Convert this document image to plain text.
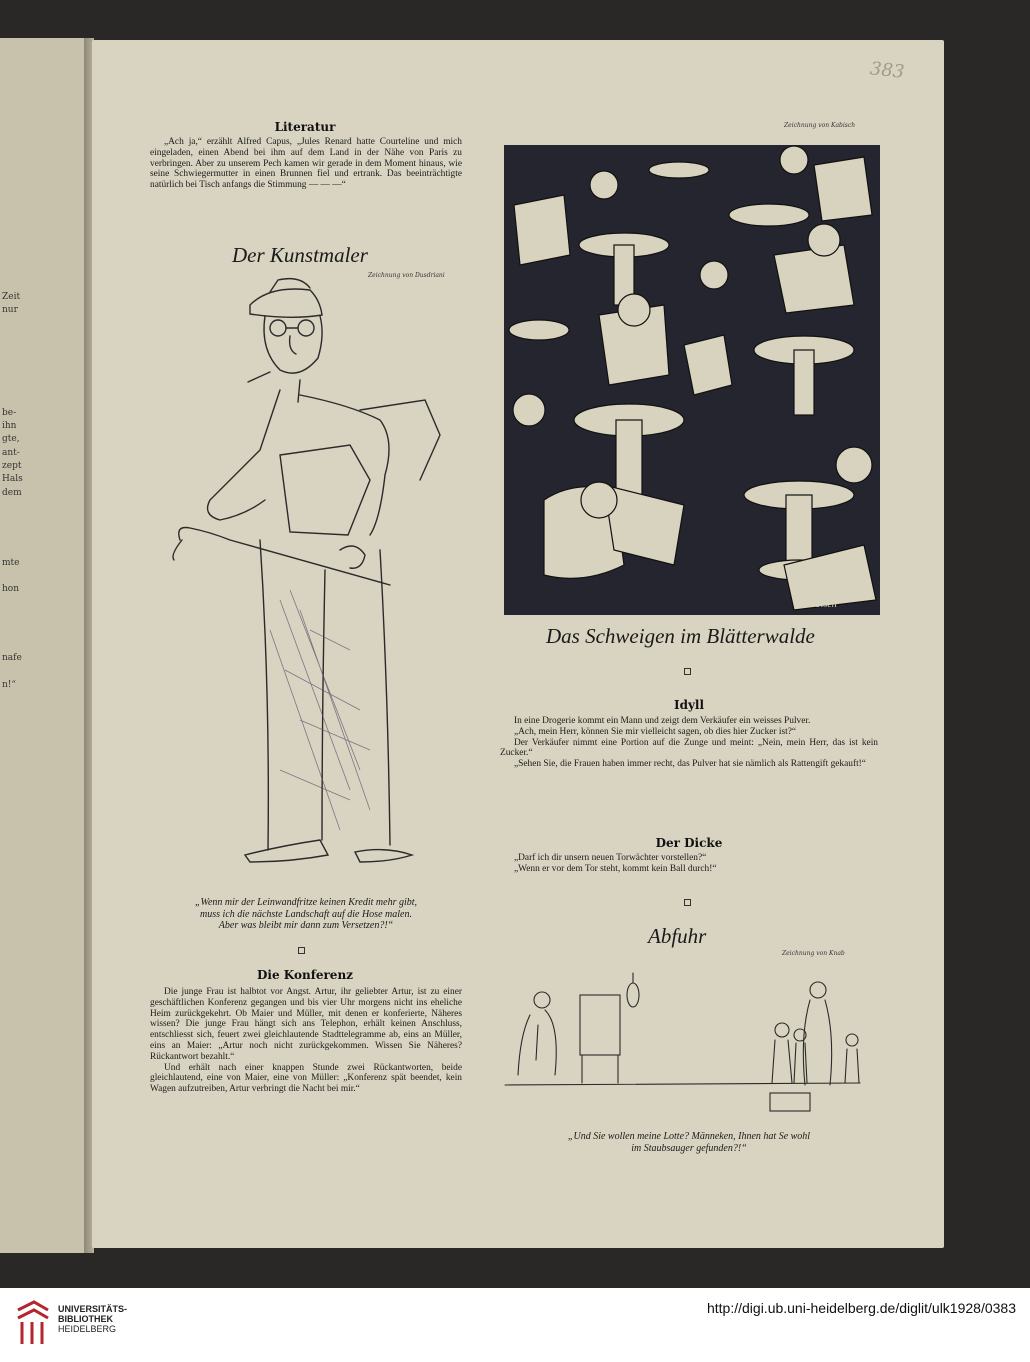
Zeit
nur
be-
ihn
gte,
ant-
zept
Hals
dem
mte
hon
nafe
n!“
383
Literatur

„Ach ja,“ erzählt Alfred Capus, „Jules Renard hatte Courteline und mich eingeladen, einen Abend bei ihm auf dem Land in der Nähe von Paris zu verbringen. Aber zu unserem Pech kamen wir gerade in dem Moment hinaus, wie seine Schwiegermutter in einen Brunnen fiel und ertrank. Das beeinträchtigte natürlich bei Tisch anfangs die Stimmung — — —“

Der Kunstmaler
Zeichnung von Dusdriani
„Wenn mir der Leinwandfritze keinen Kredit mehr gibt,
muss ich die nächste Landschaft auf die Hose malen.
Aber was bleibt mir dann zum Versetzen?!“
Die Konferenz

Die junge Frau ist halbtot vor Angst. Artur, ihr geliebter Artur, ist zu einer geschäftlichen Konferenz gegangen und bis vier Uhr morgens nicht ins eheliche Heim zurückgekehrt. Ob Maier und Müller, mit denen er konferierte, Näheres wissen? Die junge Frau hängt sich ans Telephon, erhält keinen Anschluss, entschliesst sich, feuert zwei gleichlautende Stadttelegramme ab, eins an Müller, eins an Maier: „Artur noch nicht zurückgekommen. Wissen Sie Näheres? Rückantwort bezahlt.“

Und erhält nach einer knappen Stunde zwei Rückantworten, beide gleichlautend, eine von Maier, eine von Müller: „Konferenz spät beendet, kein Wagen aufzutreiben, Artur verbringt die Nacht bei mir.“

Zeichnung von Kabisch
Käbisch
Das Schweigen im Blätterwalde
Idyll

In eine Drogerie kommt ein Mann und zeigt dem Verkäufer ein weisses Pulver.

„Ach, mein Herr, können Sie mir vielleicht sagen, ob dies hier Zucker ist?“

Der Verkäufer nimmt eine Portion auf die Zunge und meint: „Nein, mein Herr, das ist kein Zucker.“

„Sehen Sie, die Frauen haben immer recht, das Pulver hat sie nämlich als Rattengift gekauft!“

Der Dicke
„Darf ich dir unsern neuen Torwächter vorstellen?“
„Wenn er vor dem Tor steht, kommt kein Ball durch!“
Abfuhr
Zeichnung von Knab
„Und Sie wollen meine Lotte? Männeken, Ihnen hat Se wohl
im Staubsauger gefunden?!“
UNIVERSITÄTS-
BIBLIOTHEK
HEIDELBERG
http://digi.ub.uni-heidelberg.de/diglit/ulk1928/0383
